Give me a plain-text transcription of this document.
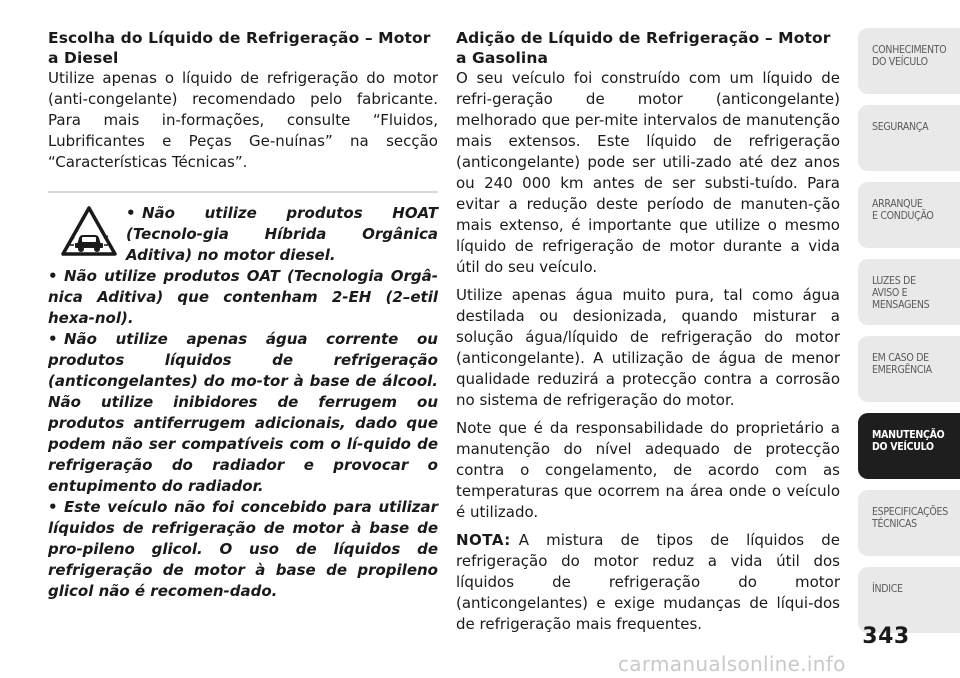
Escolha do Líquido de Refrigeração – Motor a Diesel

Utilize apenas o líquido de refrigeração do motor (anti-congelante) recomendado pelo fabricante. Para mais in-formações, consulte “Fluidos, Lubrificantes e Peças Ge-nuínas” na secção “Características Técnicas”.

• Não utilize produtos HOAT (Tecnolo-gia Híbrida Orgânica Aditiva) no motor diesel.

• Não utilize produtos OAT (Tecnologia Orgâ-nica Aditiva) que contenham 2-EH (2–etil hexa-nol).

• Não utilize apenas água corrente ou produtos líquidos de refrigeração (anticongelantes) do mo-tor à base de álcool. Não utilize inibidores de ferrugem ou produtos antiferrugem adicionais, dado que podem não ser compatíveis com o lí-quido de refrigeração do radiador e provocar o entupimento do radiador.

• Este veículo não foi concebido para utilizar líquidos de refrigeração de motor à base de pro-pileno glicol. O uso de líquidos de refrigeração de motor à base de propileno glicol não é recomen-dado.

Adição de Líquido de Refrigeração – Motor a Gasolina

O seu veículo foi construído com um líquido de refri-geração de motor (anticongelante) melhorado que per-mite intervalos de manutenção mais extensos. Este líquido de refrigeração (anticongelante) pode ser utili-zado até dez anos ou 240 000 km antes de ser substi-tuído. Para evitar a redução deste período de manuten-ção mais extenso, é importante que utilize o mesmo líquido de refrigeração de motor durante a vida útil do seu veículo.

Utilize apenas água muito pura, tal como água destilada ou desionizada, quando misturar a solução água/líquido de refrigeração do motor (anticongelante). A utilização de água de menor qualidade reduzirá a protecção contra a corrosão no sistema de refrigeração do motor.

Note que é da responsabilidade do proprietário a manutenção do nível adequado de protecção contra o congelamento, de acordo com as temperaturas que ocorrem na área onde o veículo é utilizado.

NOTA: A mistura de tipos de líquidos de refrigeração do motor reduz a vida útil dos líquidos de refrigeração do motor (anticongelantes) e exige mudanças de líqui-dos de refrigeração mais frequentes.

CONHECIMENTO
DO VEÍCULO
SEGURANÇA
ARRANQUE
E CONDUÇÃO
LUZES DE
AVISO E
MENSAGENS
EM CASO DE
EMERGÊNCIA
MANUTENÇÃO
DO VEÍCULO
ESPECIFICAÇÕES
TÉCNICAS
ÍNDICE
343
carmanualsonline.info
